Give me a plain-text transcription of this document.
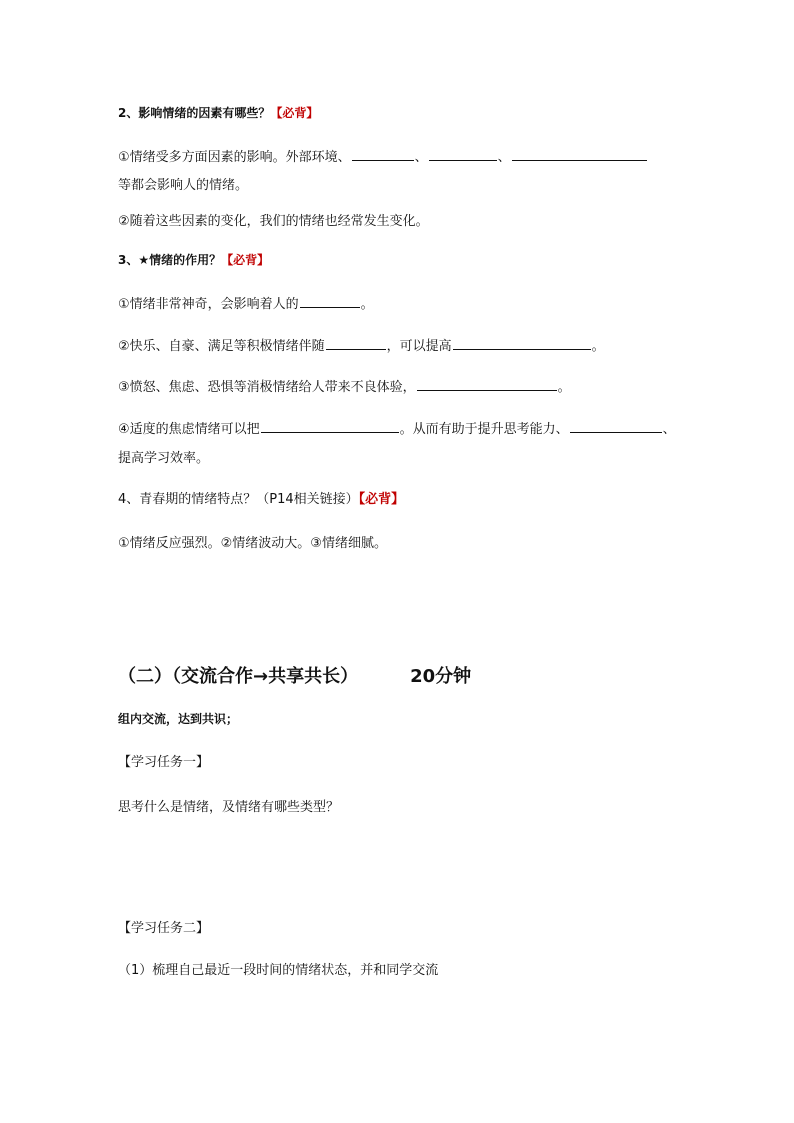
2、影响情绪的因素有哪些？【必背】
①情绪受多方面因素的影响。外部环境、	、	、
等都会影响人的情绪。
②随着这些因素的变化，我们的情绪也经常发生变化。
3、★情绪的作用？【必背】
①情绪非常神奇，会影响着人的	。
②快乐、自豪、满足等积极情绪伴随	，可以提高	。
③愤怒、焦虑、恐惧等消极情绪给人带来不良体验，	。
④适度的焦虑情绪可以把	。从而有助于提升思考能力、	、
提高学习效率。
4、青春期的情绪特点？（P14相关链接）【必背】
①情绪反应强烈。②情绪波动大。③情绪细腻。
（二）（交流合作→共享共长）	20分钟
组内交流，达到共识；
【学习任务一】
思考什么是情绪，及情绪有哪些类型？
【学习任务二】
（1）梳理自己最近一段时间的情绪状态，并和同学交流
